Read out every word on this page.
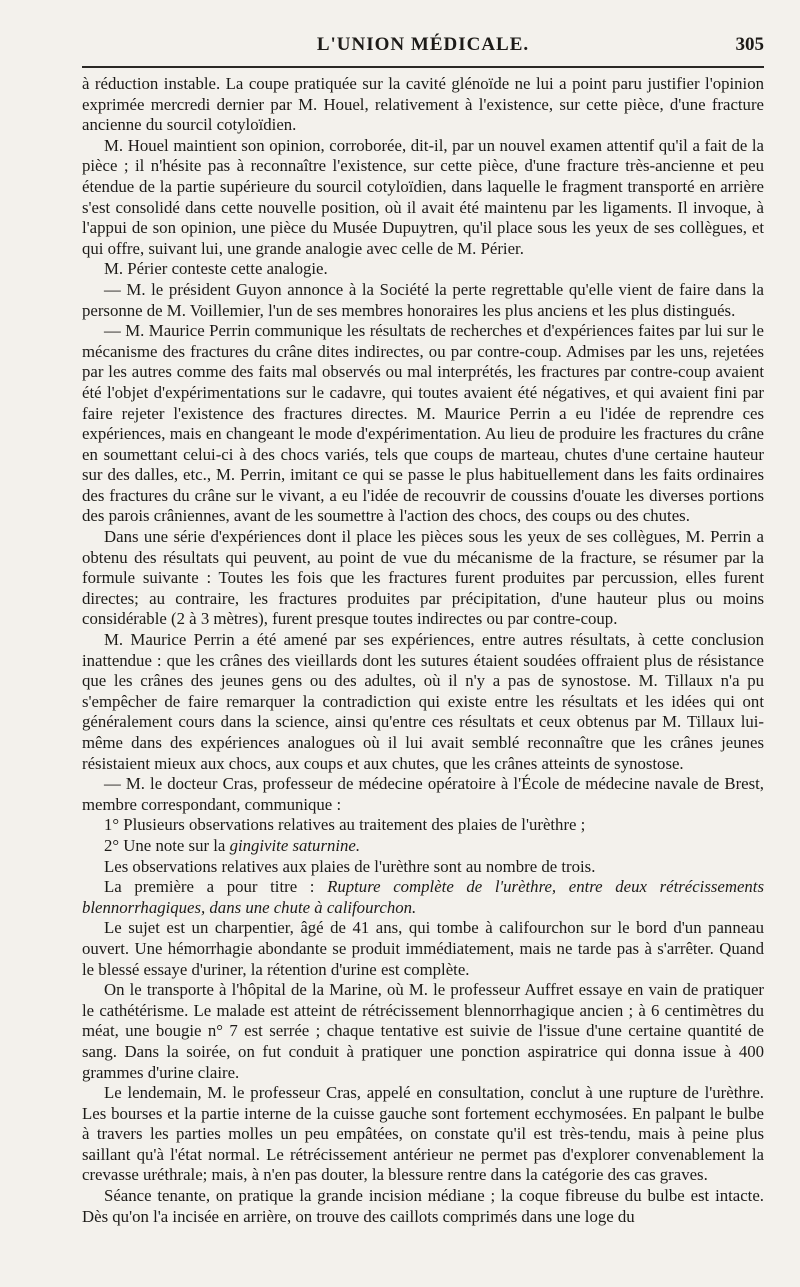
L'UNION MÉDICALE.	305

à réduction instable. La coupe pratiquée sur la cavité glénoïde ne lui a point paru justifier l'opinion exprimée mercredi dernier par M. Houel, relativement à l'existence, sur cette pièce, d'une fracture ancienne du sourcil cotyloïdien.

M. Houel maintient son opinion, corroborée, dit-il, par un nouvel examen attentif qu'il a fait de la pièce ; il n'hésite pas à reconnaître l'existence, sur cette pièce, d'une fracture très-ancienne et peu étendue de la partie supérieure du sourcil cotyloïdien, dans laquelle le fragment transporté en arrière s'est consolidé dans cette nouvelle position, où il avait été maintenu par les ligaments. Il invoque, à l'appui de son opinion, une pièce du Musée Dupuytren, qu'il place sous les yeux de ses collègues, et qui offre, suivant lui, une grande analogie avec celle de M. Périer.

M. Périer conteste cette analogie.

— M. le président Guyon annonce à la Société la perte regrettable qu'elle vient de faire dans la personne de M. Voillemier, l'un de ses membres honoraires les plus anciens et les plus distingués.

— M. Maurice Perrin communique les résultats de recherches et d'expériences faites par lui sur le mécanisme des fractures du crâne dites indirectes, ou par contre-coup. Admises par les uns, rejetées par les autres comme des faits mal observés ou mal interprétés, les fractures par contre-coup avaient été l'objet d'expérimentations sur le cadavre, qui toutes avaient été négatives, et qui avaient fini par faire rejeter l'existence des fractures directes. M. Maurice Perrin a eu l'idée de reprendre ces expériences, mais en changeant le mode d'expérimentation. Au lieu de produire les fractures du crâne en soumettant celui-ci à des chocs variés, tels que coups de marteau, chutes d'une certaine hauteur sur des dalles, etc., M. Perrin, imitant ce qui se passe le plus habituellement dans les faits ordinaires des fractures du crâne sur le vivant, a eu l'idée de recouvrir de coussins d'ouate les diverses portions des parois crâniennes, avant de les soumettre à l'action des chocs, des coups ou des chutes.

Dans une série d'expériences dont il place les pièces sous les yeux de ses collègues, M. Perrin a obtenu des résultats qui peuvent, au point de vue du mécanisme de la fracture, se résumer par la formule suivante : Toutes les fois que les fractures furent produites par percussion, elles furent directes; au contraire, les fractures produites par précipitation, d'une hauteur plus ou moins considérable (2 à 3 mètres), furent presque toutes indirectes ou par contre-coup.

M. Maurice Perrin a été amené par ses expériences, entre autres résultats, à cette conclusion inattendue : que les crânes des vieillards dont les sutures étaient soudées offraient plus de résistance que les crânes des jeunes gens ou des adultes, où il n'y a pas de synostose. M. Tillaux n'a pu s'empêcher de faire remarquer la contradiction qui existe entre les résultats et les idées qui ont généralement cours dans la science, ainsi qu'entre ces résultats et ceux obtenus par M. Tillaux lui-même dans des expériences analogues où il lui avait semblé reconnaître que les crânes jeunes résistaient mieux aux chocs, aux coups et aux chutes, que les crânes atteints de synostose.

— M. le docteur Cras, professeur de médecine opératoire à l'École de médecine navale de Brest, membre correspondant, communique :

1° Plusieurs observations relatives au traitement des plaies de l'urèthre ;

2° Une note sur la gingivite saturnine.

Les observations relatives aux plaies de l'urèthre sont au nombre de trois.

La première a pour titre : Rupture complète de l'urèthre, entre deux rétrécissements blennorrhagiques, dans une chute à califourchon.

Le sujet est un charpentier, âgé de 41 ans, qui tombe à califourchon sur le bord d'un panneau ouvert. Une hémorrhagie abondante se produit immédiatement, mais ne tarde pas à s'arrêter. Quand le blessé essaye d'uriner, la rétention d'urine est complète.

On le transporte à l'hôpital de la Marine, où M. le professeur Auffret essaye en vain de pratiquer le cathétérisme. Le malade est atteint de rétrécissement blennorrhagique ancien ; à 6 centimètres du méat, une bougie n° 7 est serrée ; chaque tentative est suivie de l'issue d'une certaine quantité de sang. Dans la soirée, on fut conduit à pratiquer une ponction aspiratrice qui donna issue à 400 grammes d'urine claire.

Le lendemain, M. le professeur Cras, appelé en consultation, conclut à une rupture de l'urèthre. Les bourses et la partie interne de la cuisse gauche sont fortement ecchymosées. En palpant le bulbe à travers les parties molles un peu empâtées, on constate qu'il est très-tendu, mais à peine plus saillant qu'à l'état normal. Le rétrécissement antérieur ne permet pas d'explorer convenablement la crevasse uréthrale; mais, à n'en pas douter, la blessure rentre dans la catégorie des cas graves.

Séance tenante, on pratique la grande incision médiane ; la coque fibreuse du bulbe est intacte. Dès qu'on l'a incisée en arrière, on trouve des caillots comprimés dans une loge du
